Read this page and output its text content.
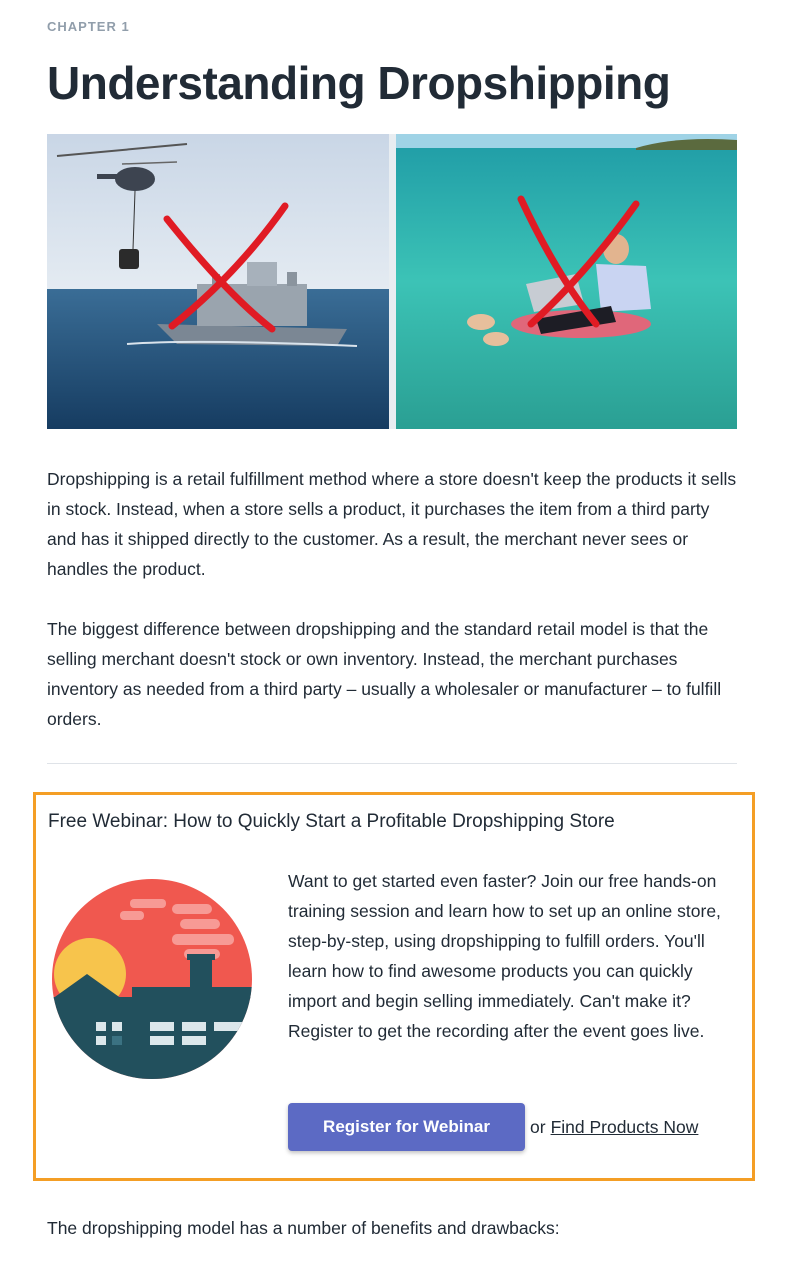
CHAPTER 1
Understanding Dropshipping

Dropshipping is a retail fulfillment method where a store doesn't keep the products it sells in stock. Instead, when a store sells a product, it purchases the item from a third party and has it shipped directly to the customer. As a result, the merchant never sees or handles the product.

The biggest difference between dropshipping and the standard retail model is that the selling merchant doesn't stock or own inventory. Instead, the merchant purchases inventory as needed from a third party – usually a wholesaler or manufacturer – to fulfill orders.

Free Webinar: How to Quickly Start a Profitable Dropshipping Store

Want to get started even faster? Join our free hands-on training session and learn how to set up an online store, step-by-step, using dropshipping to fulfill orders. You'll learn how to find awesome products you can quickly import and begin selling immediately. Can't make it? Register to get the recording after the event goes live.

Register for Webinar	or Find Products Now

The dropshipping model has a number of benefits and drawbacks:
